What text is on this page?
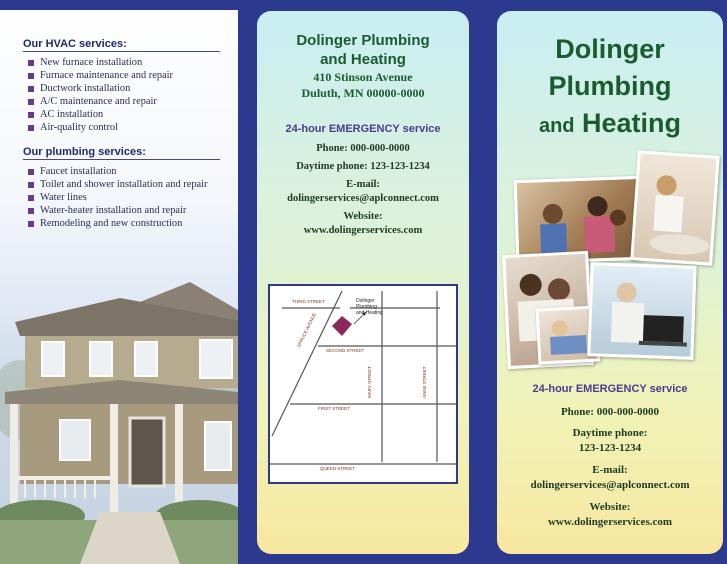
Our HVAC services:
New furnace installation
Furnace maintenance and repair
Ductwork installation
A/C maintenance and repair
AC installation
Air-quality control
Our plumbing services:
Faucet installation
Toilet and shower installation and repair
Water lines
Water-heater installation and repair
Remodeling and new construction
Dolinger Plumbing
and Heating
410 Stinson Avenue
Duluth, MN 00000-0000
24-hour EMERGENCY service
Phone: 000-000-0000
Daytime phone: 123-123-1234
E-mail:
dolingerservices@aplconnect.com
Website:
www.dolingerservices.com
THIRD STREET
SECOND STREET
FIRST STREET
QUEEN STREET
MARY STREET	ANNE STREET
SPRUCE AVENUE
Dolinger
Plumbing
and Heating
Dolinger
Plumbing
and Heating
24-hour EMERGENCY service
Phone: 000-000-0000
Daytime phone:
123-123-1234
E-mail:
dolingerservices@aplconnect.com
Website:
www.dolingerservices.com
